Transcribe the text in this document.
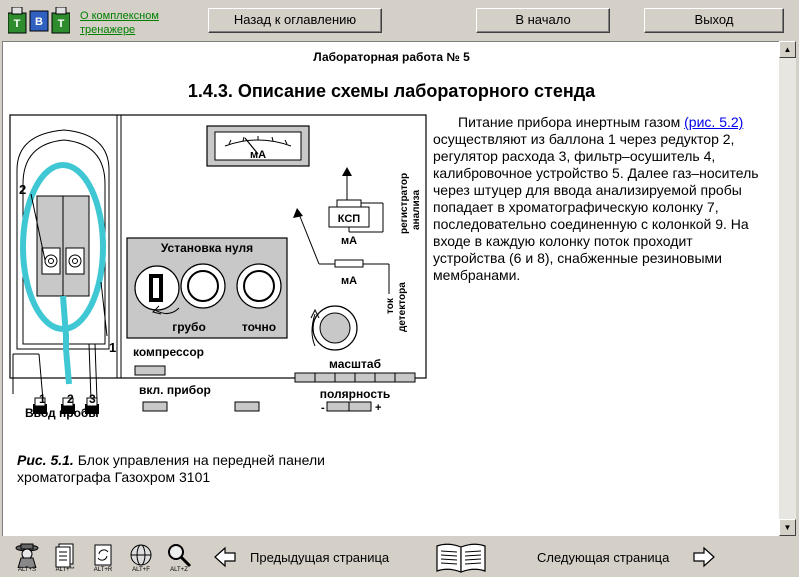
T B T
О комплексном тренажере
Назад к оглавлению	В начало	Выход
Лабораторная работа № 5
1.4.3. Описание схемы лабораторного стенда
2
1
мА
КСП
мА
мА
регистратор анализа
ток детектора
Установка нуля
грубо	точно
компрессор
вкл. прибор
масштаб
полярность
-	+
1 2 3
Ввод пробы
Рис. 5.1. Блок управления на передней панели хроматографа Газохром 3101
Питание прибора инертным газом (рис. 5.2) осуществляют из баллона 1 через редуктор 2, регулятор расхода 3, фильтр–осушитель 4, калибровочное устройство 5. Далее газ–носитель через штуцер для ввода анализируемой пробы попадает в хроматографическую колонку 7, последовательно соединенную с колонкой 9. На входе в каждую колонку поток проходит устройства (6 и 8), снабженные резиновыми мембранами.
▲
▼
ALT+S	ALT+**	ALT+R	ALT+F	ALT+Z
Предыдущая страница	Следующая страница
